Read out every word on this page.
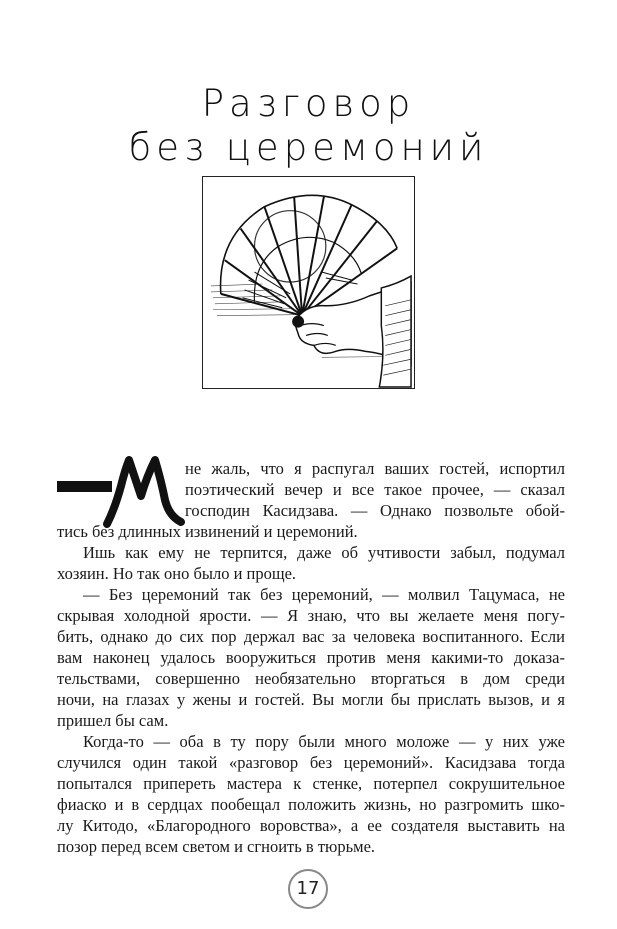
Разговор
без церемоний
не жаль, что я распугал ваших гостей, испортил
поэтический вечер и все такое прочее, — сказал
господин Касидзава. — Однако позвольте обой-
тись без длинных извинений и церемоний.
Ишь как ему не терпится, даже об учтивости забыл, подумал
хозяин. Но так оно было и проще.
— Без церемоний так без церемоний, — молвил Тацумаса, не
скрывая холодной ярости. — Я знаю, что вы желаете меня погу-
бить, однако до сих пор держал вас за человека воспитанного. Если
вам наконец удалось вооружиться против меня какими-то доказа-
тельствами, совершенно необязательно вторгаться в дом среди
ночи, на глазах у жены и гостей. Вы могли бы прислать вызов, и я
пришел бы сам.
Когда-то — оба в ту пору были много моложе — у них уже
случился один такой «разговор без церемоний». Касидзава тогда
попытался припереть мастера к стенке, потерпел сокрушительное
фиаско и в сердцах пообещал положить жизнь, но разгромить шко-
лу Китодо, «Благородного воровства», а ее создателя выставить на
позор перед всем светом и сгноить в тюрьме.
17
